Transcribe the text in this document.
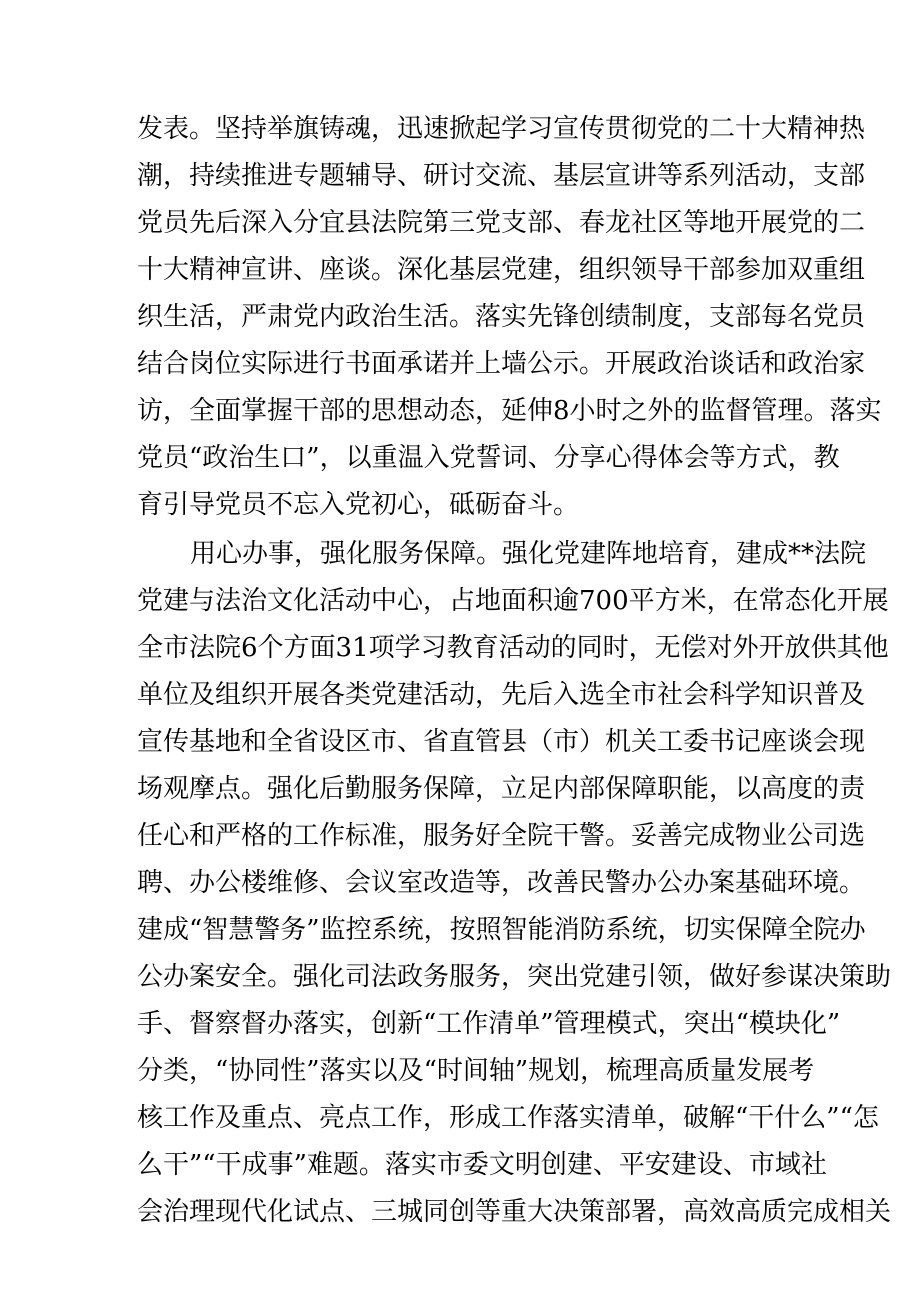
发表。坚持举旗铸魂，迅速掀起学习宣传贯彻党的二十大精神热
潮，持续推进专题辅导、研讨交流、基层宣讲等系列活动，支部
党员先后深入分宜县法院第三党支部、春龙社区等地开展党的二
十大精神宣讲、座谈。深化基层党建，组织领导干部参加双重组
织生活，严肃党内政治生活。落实先锋创绩制度，支部每名党员
结合岗位实际进行书面承诺并上墙公示。开展政治谈话和政治家
访，全面掌握干部的思想动态，延伸8小时之外的监督管理。落实
党员“政治生口”，以重温入党誓词、分享心得体会等方式，教
育引导党员不忘入党初心，砥砺奋斗。
用心办事，强化服务保障。强化党建阵地培育，建成**法院
党建与法治文化活动中心，占地面积逾700平方米，在常态化开展
全市法院6个方面31项学习教育活动的同时，无偿对外开放供其他
单位及组织开展各类党建活动，先后入选全市社会科学知识普及
宣传基地和全省设区市、省直管县（市）机关工委书记座谈会现
场观摩点。强化后勤服务保障，立足内部保障职能，以高度的责
任心和严格的工作标准，服务好全院干警。妥善完成物业公司选
聘、办公楼维修、会议室改造等，改善民警办公办案基础环境。
建成“智慧警务”监控系统，按照智能消防系统，切实保障全院办
公办案安全。强化司法政务服务，突出党建引领，做好参谋决策助
手、督察督办落实，创新“工作清单”管理模式，突出“模块化”
分类，“协同性”落实以及“时间轴”规划，梳理高质量发展考
核工作及重点、亮点工作，形成工作落实清单，破解“干什么”“怎
么干”“干成事”难题。落实市委文明创建、平安建设、市域社
会治理现代化试点、三城同创等重大决策部署，高效高质完成相关
